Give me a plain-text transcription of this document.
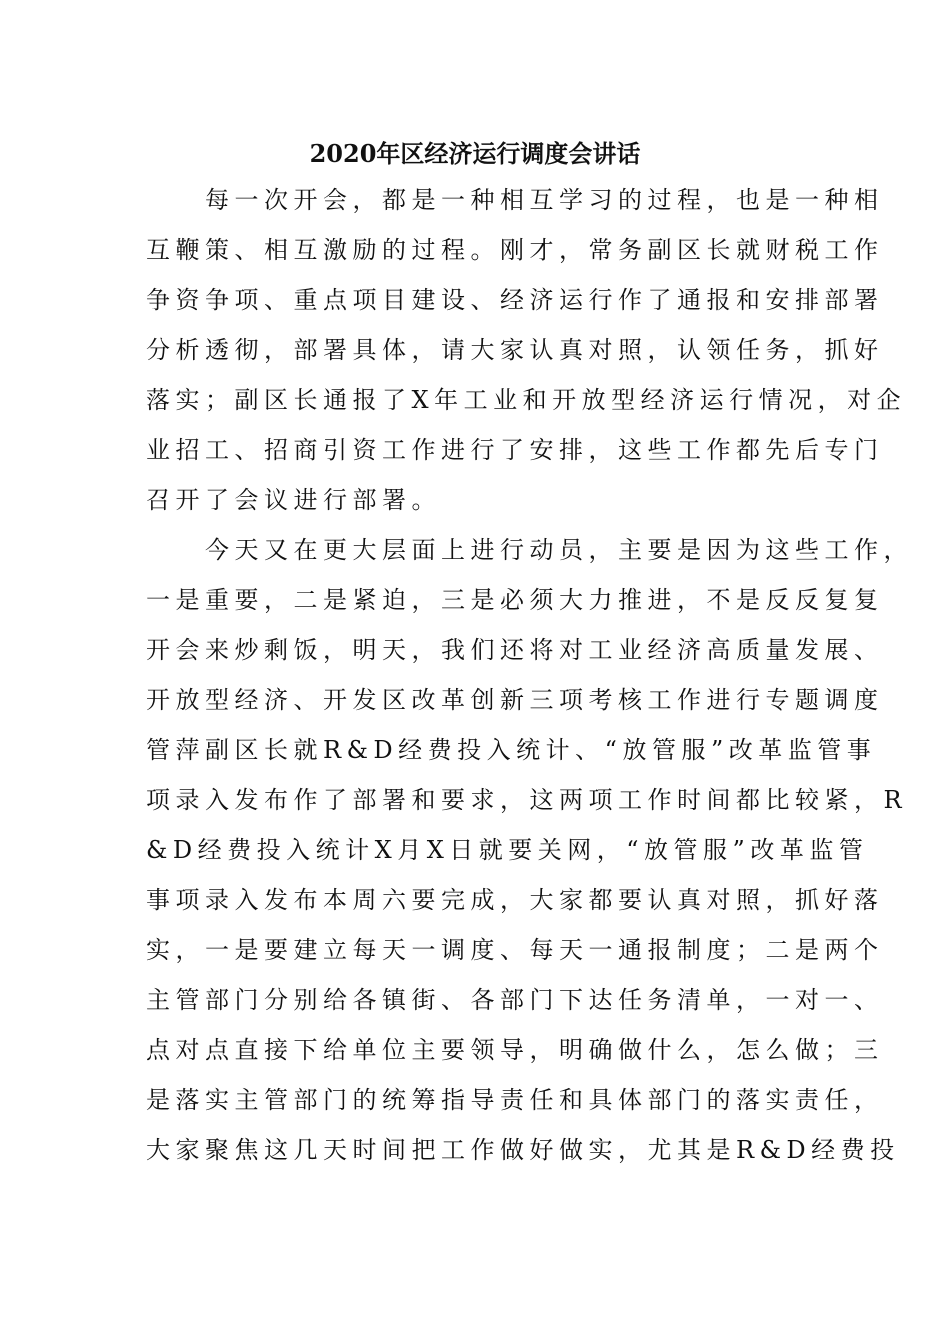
2020年区经济运行调度会讲话
　　每一次开会，都是一种相互学习的过程，也是一种相
互鞭策、相互激励的过程。刚才，常务副区长就财税工作
争资争项、重点项目建设、经济运行作了通报和安排部署
分析透彻，部署具体，请大家认真对照，认领任务，抓好
落实；副区长通报了X年工业和开放型经济运行情况，对企
业招工、招商引资工作进行了安排，这些工作都先后专门
召开了会议进行部署。
　　今天又在更大层面上进行动员，主要是因为这些工作，
一是重要，二是紧迫，三是必须大力推进，不是反反复复
开会来炒剩饭，明天，我们还将对工业经济高质量发展、
开放型经济、开发区改革创新三项考核工作进行专题调度
管萍副区长就R&D经费投入统计、“放管服”改革监管事
项录入发布作了部署和要求，这两项工作时间都比较紧，R
&D经费投入统计X月X日就要关网，“放管服”改革监管
事项录入发布本周六要完成，大家都要认真对照，抓好落
实，一是要建立每天一调度、每天一通报制度；二是两个
主管部门分别给各镇街、各部门下达任务清单，一对一、
点对点直接下给单位主要领导，明确做什么，怎么做；三
是落实主管部门的统筹指导责任和具体部门的落实责任，
大家聚焦这几天时间把工作做好做实，尤其是R&D经费投
